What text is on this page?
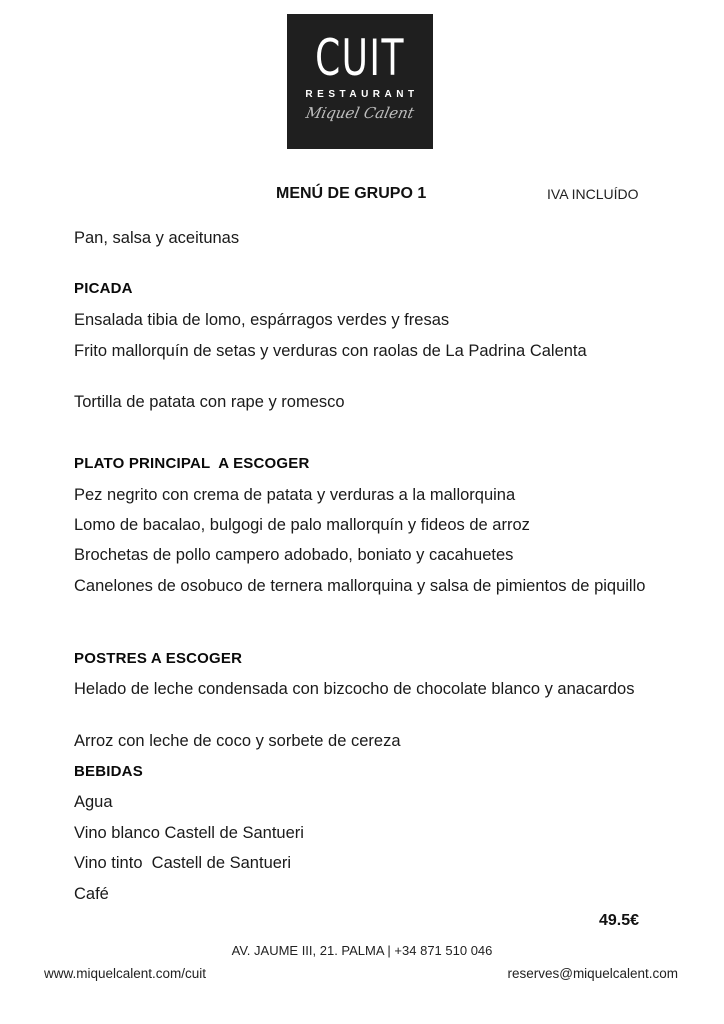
CUIT
RESTAURANT
Miquel Calent
MENÚ DE GRUPO 1	IVA INCLUÍDO
Pan, salsa y aceitunas
PICADA
Ensalada tibia de lomo, espárragos verdes y fresas
Frito mallorquín de setas y verduras con raolas de La Padrina Calenta
Tortilla de patata con rape y romesco
PLATO PRINCIPAL  A ESCOGER
Pez negrito con crema de patata y verduras a la mallorquina
Lomo de bacalao, bulgogi de palo mallorquín y fideos de arroz
Brochetas de pollo campero adobado, boniato y cacahuetes
Canelones de osobuco de ternera mallorquina y salsa de pimientos de piquillo
POSTRES A ESCOGER
Helado de leche condensada con bizcocho de chocolate blanco y anacardos
Arroz con leche de coco y sorbete de cereza
BEBIDAS
Agua
Vino blanco Castell de Santueri
Vino tinto  Castell de Santueri
Café
49.5€
AV. JAUME III, 21. PALMA | +34 871 510 046
www.miquelcalent.com/cuit	reserves@miquelcalent.com
